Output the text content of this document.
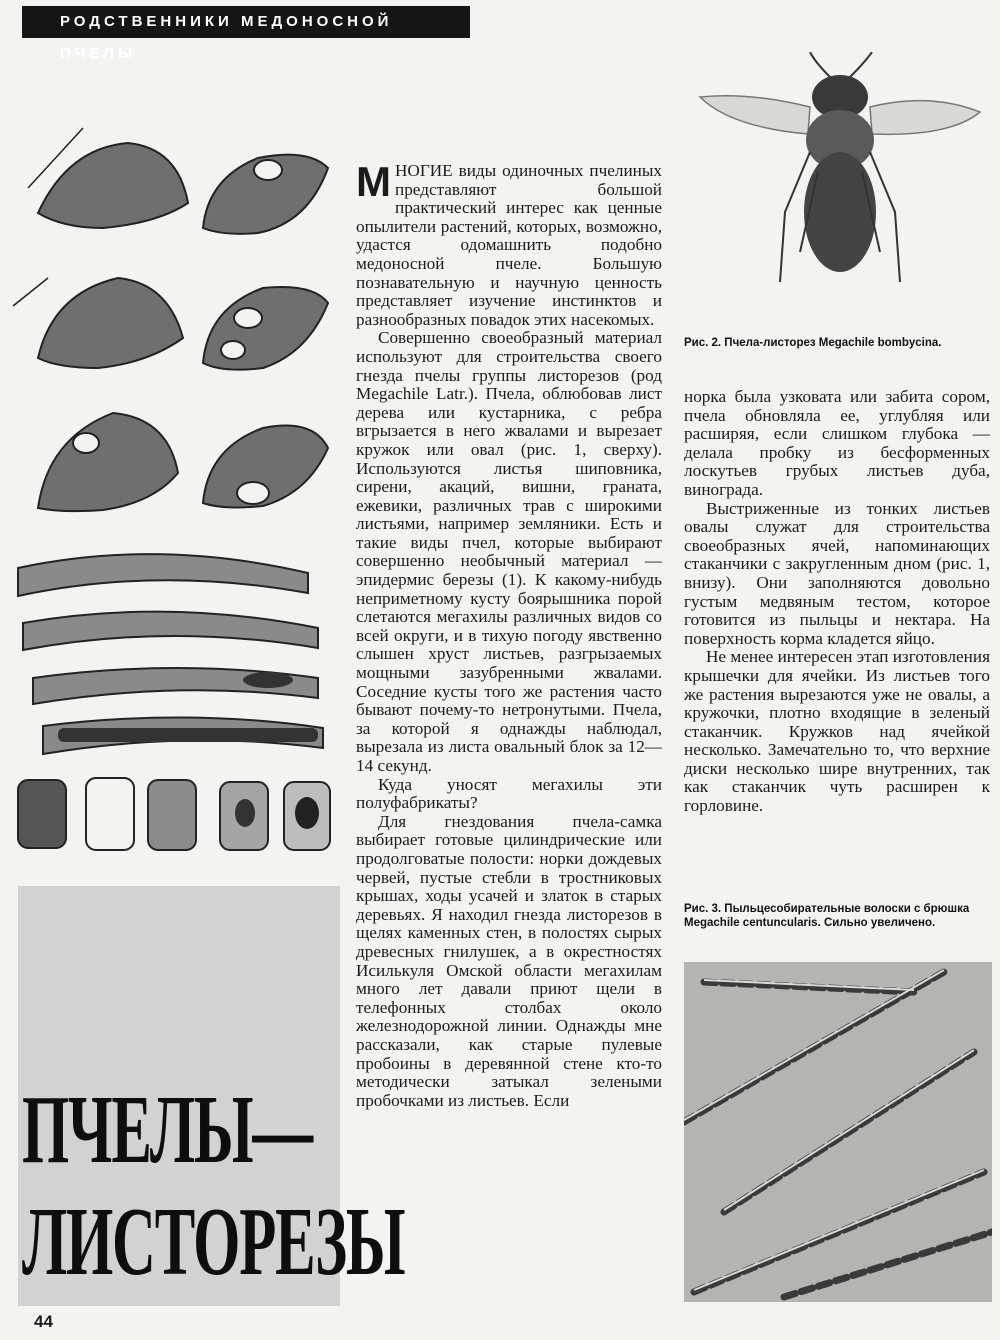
РОДСТВЕННИКИ МЕДОНОСНОЙ ПЧЕЛЫ
ПЧЕЛЫ—
ЛИСТОРЕЗЫ
44

МНОГИЕ виды одиночных пчелиных представляют большой практический интерес как ценные опылители растений, которых, возможно, удастся одомашнить подобно медоносной пчеле. Большую познавательную и научную ценность представляет изучение инстинктов и разнообразных повадок этих насекомых.

Совершенно своеобразный материал используют для строительства своего гнезда пчелы группы листорезов (род Megachile Latr.). Пчела, облюбовав лист дерева или кустарника, с ребра вгрызается в него жвалами и вырезает кружок или овал (рис. 1, сверху). Используются листья шиповника, сирени, акаций, вишни, граната, ежевики, различных трав с широкими листьями, например земляники. Есть и такие виды пчел, которые выбирают совершенно необычный материал — эпидермис березы (1). К какому-нибудь неприметному кусту боярышника порой слетаются мегахилы различных видов со всей округи, и в тихую погоду явственно слышен хруст листьев, разгрызаемых мощными зазубренными жвалами. Соседние кусты того же растения часто бывают почему-то нетронутыми. Пчела, за которой я однажды наблюдал, вырезала из листа овальный блок за 12—14 секунд.

Куда уносят мегахилы эти полуфабрикаты?

Для гнездования пчела-самка выбирает готовые цилиндрические или продолговатые полости: норки дождевых червей, пустые стебли в тростниковых крышах, ходы усачей и златок в старых деревьях. Я находил гнезда листорезов в щелях каменных стен, в полостях сырых древесных гнилушек, а в окрестностях Исилькуля Омской области мегахилам много лет давали приют щели в телефонных столбах около железнодорожной линии. Однажды мне рассказали, как старые пулевые пробоины в деревянной стене кто-то методически затыкал зелеными пробочками из листьев. Если

Рис. 2. Пчела-листорез Megachile bombycina.

норка была узковата или забита сором, пчела обновляла ее, углубляя или расширяя, если слишком глубока — делала пробку из бесформенных лоскутьев грубых листьев дуба, винограда.

Выстриженные из тонких листьев овалы служат для строительства своеобразных ячей, напоминающих стаканчики с закругленным дном (рис. 1, внизу). Они заполняются довольно густым медвяным тестом, которое готовится из пыльцы и нектара. На поверхность корма кладется яйцо.

Не менее интересен этап изготовления крышечки для ячейки. Из листьев того же растения вырезаются уже не овалы, а кружочки, плотно входящие в зеленый стаканчик. Кружков над ячейкой несколько. Замечательно то, что верхние диски несколько шире внутренних, так как стаканчик чуть расширен к горловине.

Рис. 3. Пыльцесобирательные волоски с брюшка Megachile centuncularis. Сильно увеличено.
